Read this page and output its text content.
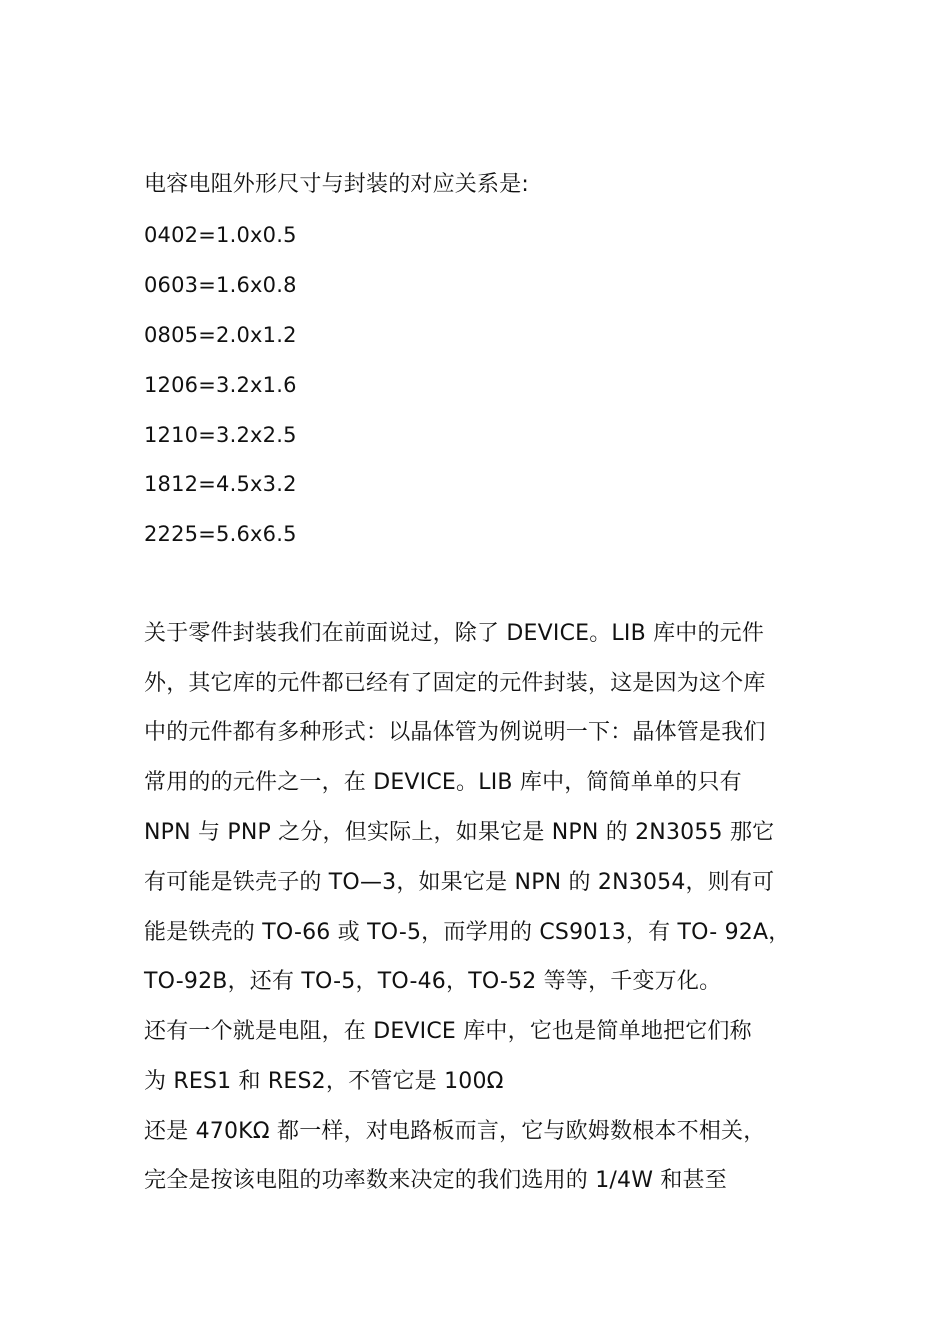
电容电阻外形尺寸与封装的对应关系是:
0402=1.0x0.5
0603=1.6x0.8
0805=2.0x1.2
1206=3.2x1.6
1210=3.2x2.5
1812=4.5x3.2
2225=5.6x6.5
关于零件封装我们在前面说过，除了 DEVICE。LIB 库中的元件
外，其它库的元件都已经有了固定的元件封装，这是因为这个库
中的元件都有多种形式：以晶体管为例说明一下：晶体管是我们
常用的的元件之一，在 DEVICE。LIB 库中，简简单单的只有
NPN 与 PNP 之分，但实际上，如果它是 NPN 的 2N3055 那它
有可能是铁壳子的 TO—3，如果它是 NPN 的 2N3054，则有可
能是铁壳的 TO-66 或 TO-5，而学用的 CS9013，有 TO- 92A，
TO-92B，还有 TO-5，TO-46，TO-52 等等，千变万化。
还有一个就是电阻，在 DEVICE 库中，它也是简单地把它们称
为 RES1 和 RES2，不管它是 100Ω
还是 470KΩ 都一样，对电路板而言，它与欧姆数根本不相关，
完全是按该电阻的功率数来决定的我们选用的 1/4W 和甚至
